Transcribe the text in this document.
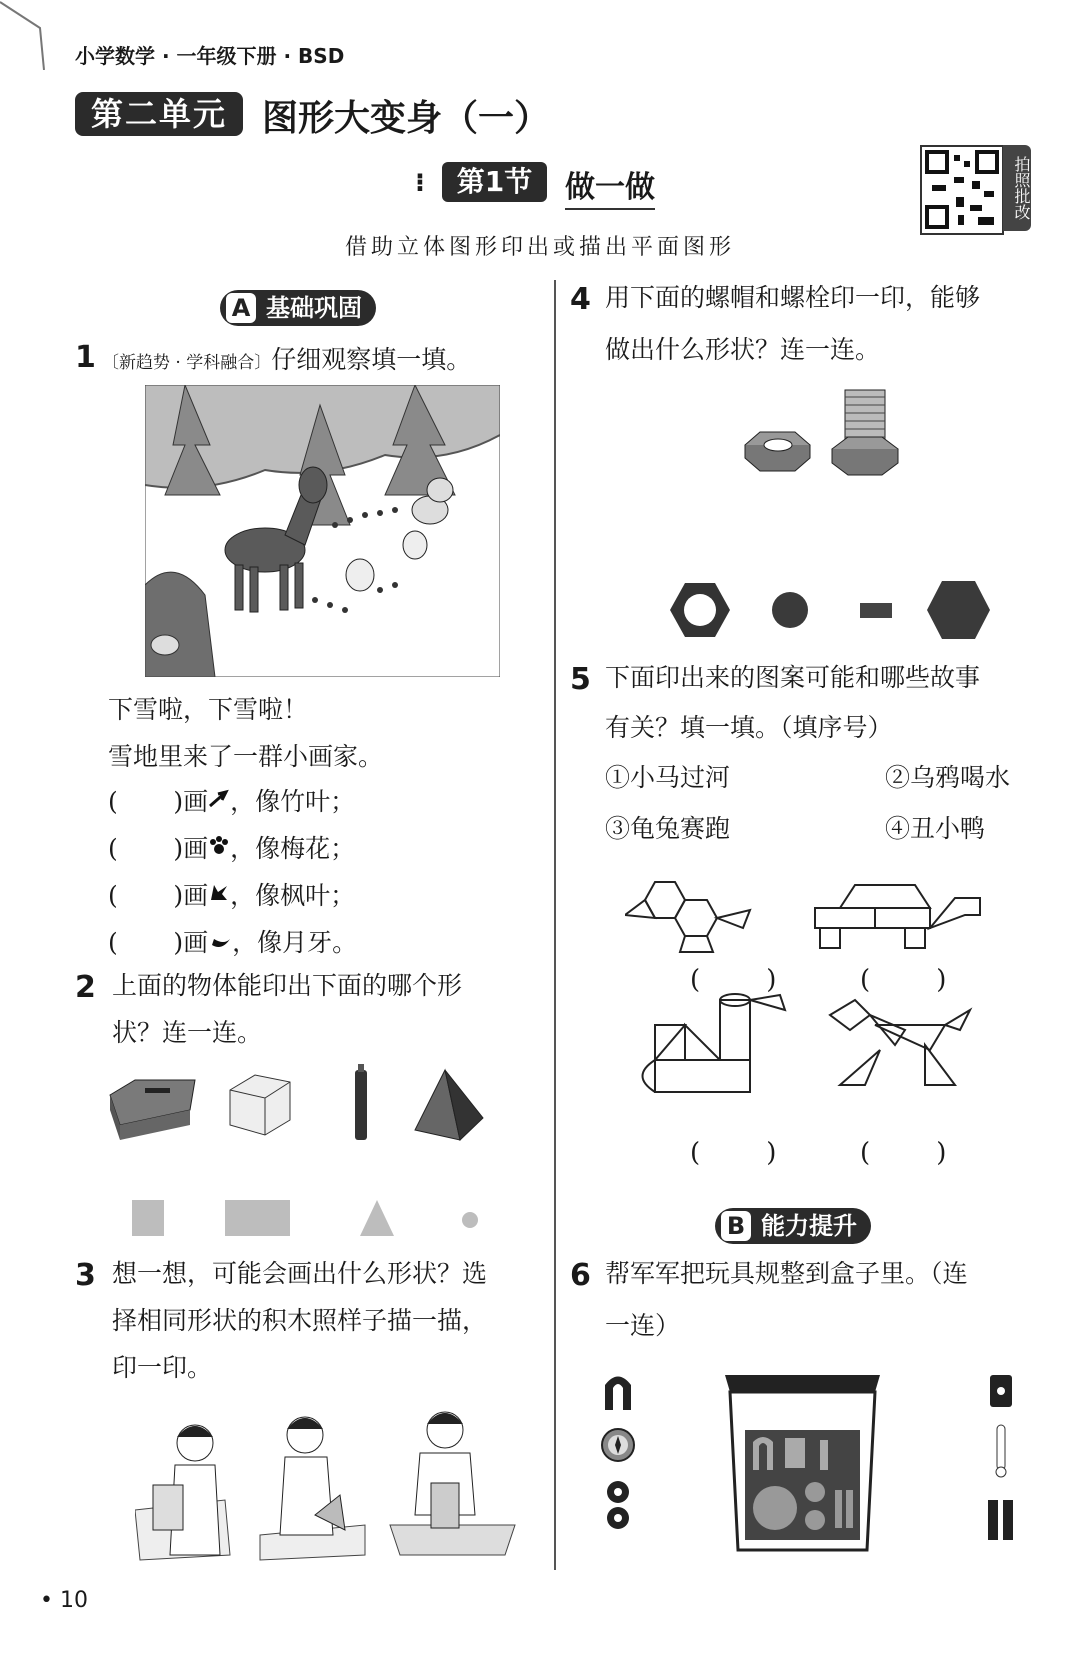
小学数学 · 一年级下册 · BSD
第二单元 图形大变身（一）
⁝	第1节	做一做	拍照批改
借助立体图形印出或描出平面图形
A 基础巩固
1 〔新趋势 · 学科融合〕仔细观察填一填。
下雪啦，下雪啦！
雪地里来了一群小画家。
(       )画 ，像竹叶；
(       )画 ，像梅花；
(       )画 ，像枫叶；
(       )画 ，像月牙。
2 上面的物体能印出下面的哪个形
状？连一连。
3 想一想，可能会画出什么形状？选
择相同形状的积木照样子描一描，
印一印。
4 用下面的螺帽和螺栓印一印，能够
做出什么形状？连一连。
5 下面印出来的图案可能和哪些故事
有关？填一填。（填序号）
①小马过河	②乌鸦喝水
③龟兔赛跑	④丑小鸭
(        )	(        )
(        )	(        )
B 能力提升
6 帮军军把玩具规整到盒子里。（连
一连）
• 10
